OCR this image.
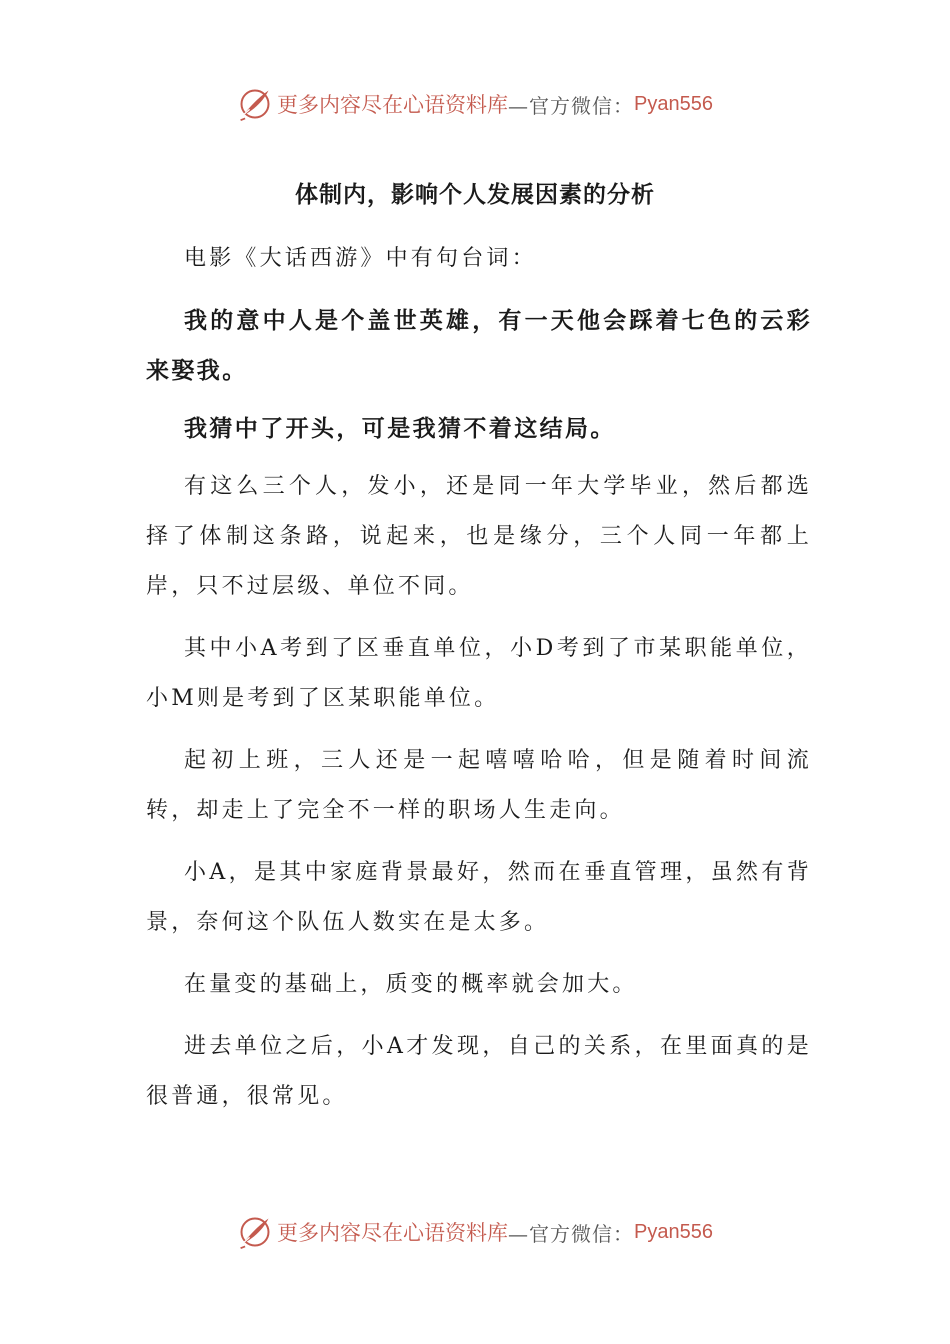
更多内容尽在心语资料库 —官方微信： Pyan556
体制内，影响个人发展因素的分析

电影《大话西游》中有句台词：

我的意中人是个盖世英雄，有一天他会踩着七色的云彩来娶我。

我猜中了开头，可是我猜不着这结局。

有这么三个人，发小，还是同一年大学毕业，然后都选择了体制这条路，说起来，也是缘分，三个人同一年都上岸，只不过层级、单位不同。

其中小A考到了区垂直单位，小D考到了市某职能单位，小M则是考到了区某职能单位。

起初上班，三人还是一起嘻嘻哈哈，但是随着时间流转，却走上了完全不一样的职场人生走向。

小A，是其中家庭背景最好，然而在垂直管理，虽然有背景，奈何这个队伍人数实在是太多。

在量变的基础上，质变的概率就会加大。

进去单位之后，小A才发现，自己的关系，在里面真的是很普通，很常见。

更多内容尽在心语资料库 —官方微信： Pyan556
